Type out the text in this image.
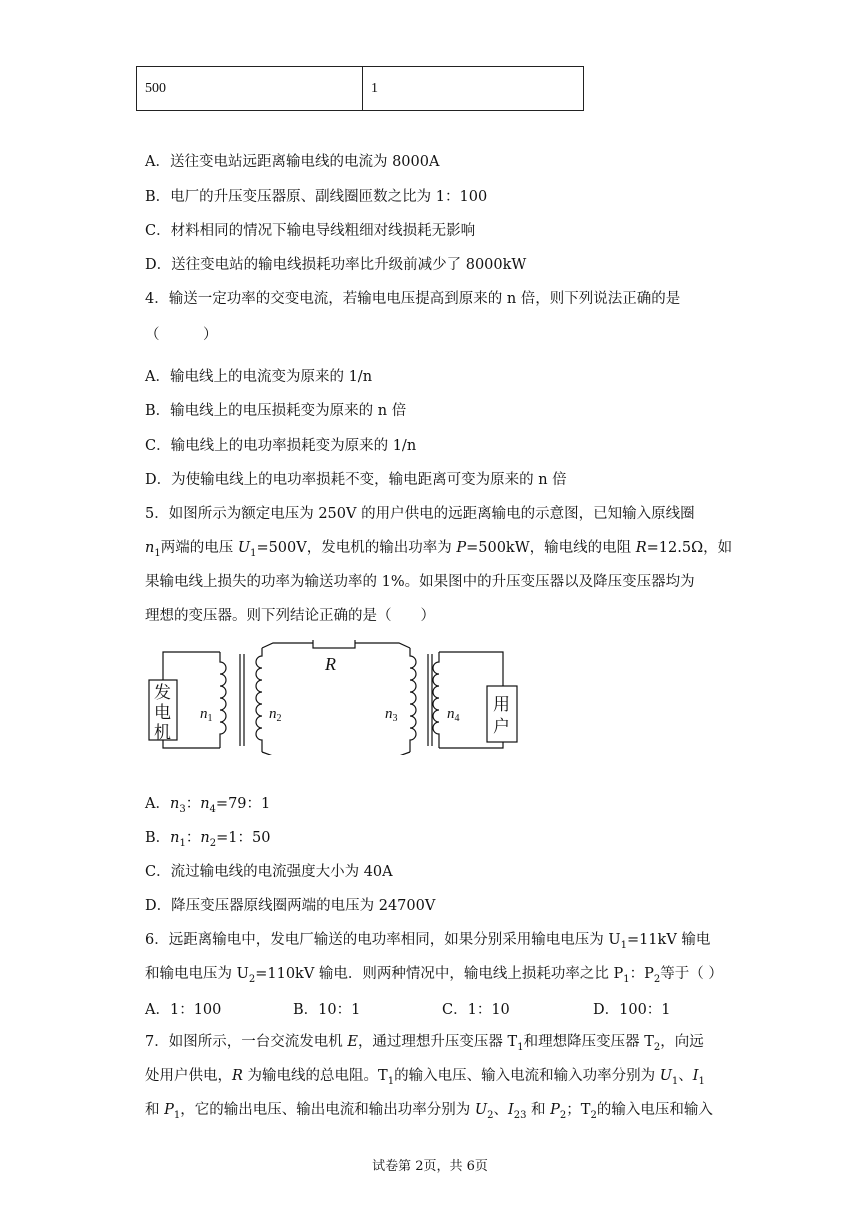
500	1
A．送往变电站远距离输电线的电流为 8000A
B．电厂的升压变压器原、副线圈匝数之比为 1：100
C．材料相同的情况下输电导线粗细对线损耗无影响
D．送往变电站的输电线损耗功率比升级前减少了 8000kW
4．输送一定功率的交变电流，若输电电压提高到原来的 n 倍，则下列说法正确的是
（　　　）
A．输电线上的电流变为原来的 1/n
B．输电线上的电压损耗变为原来的 n 倍
C．输电线上的电功率损耗变为原来的 1/n
D．为使输电线上的电功率损耗不变，输电距离可变为原来的 n 倍
5．如图所示为额定电压为 250V 的用户供电的远距离输电的示意图，已知输入原线圈
$n_1$两端的电压 $U_1=500V$，发电机的输出功率为 P=500kW，输电线的电阻 R=12.5Ω，如
果输电线上损失的功率为输送功率的 1%。如果图中的升压变压器以及降压变压器均为
理想的变压器。则下列结论正确的是（　　）
发
电
机
用
户
R
$n_1$	$n_2$	$n_3$	$n_4$
A．$n_3$：$n_4=79$：1
B．$n_1$：$n_2=1$：50
C．流过输电线的电流强度大小为 40A
D．降压变压器原线圈两端的电压为 24700V
6．远距离输电中，发电厂输送的电功率相同，如果分别采用输电电压为 $U_1=11kV$ 输电
和输电电压为 $U_2=110kV$ 输电．则两种情况中，输电线上损耗功率之比 $P_1$：$P_2$等于（ ）
A．1：100	B．10：1	C．1：10	D．100：1
7．如图所示，一台交流发电机 E，通过理想升压变压器 $T_1$和理想降压变压器 $T_2$，向远
处用户供电，R 为输电线的总电阻。$T_1$的输入电压、输入电流和输入功率分别为 $U_1$、$I_1$
和 $P_1$，它的输出电压、输出电流和输出功率分别为 $U_2$、$I_{23}$ 和 $P_2$；$T_2$的输入电压和输入
试卷第 2页，共 6页
